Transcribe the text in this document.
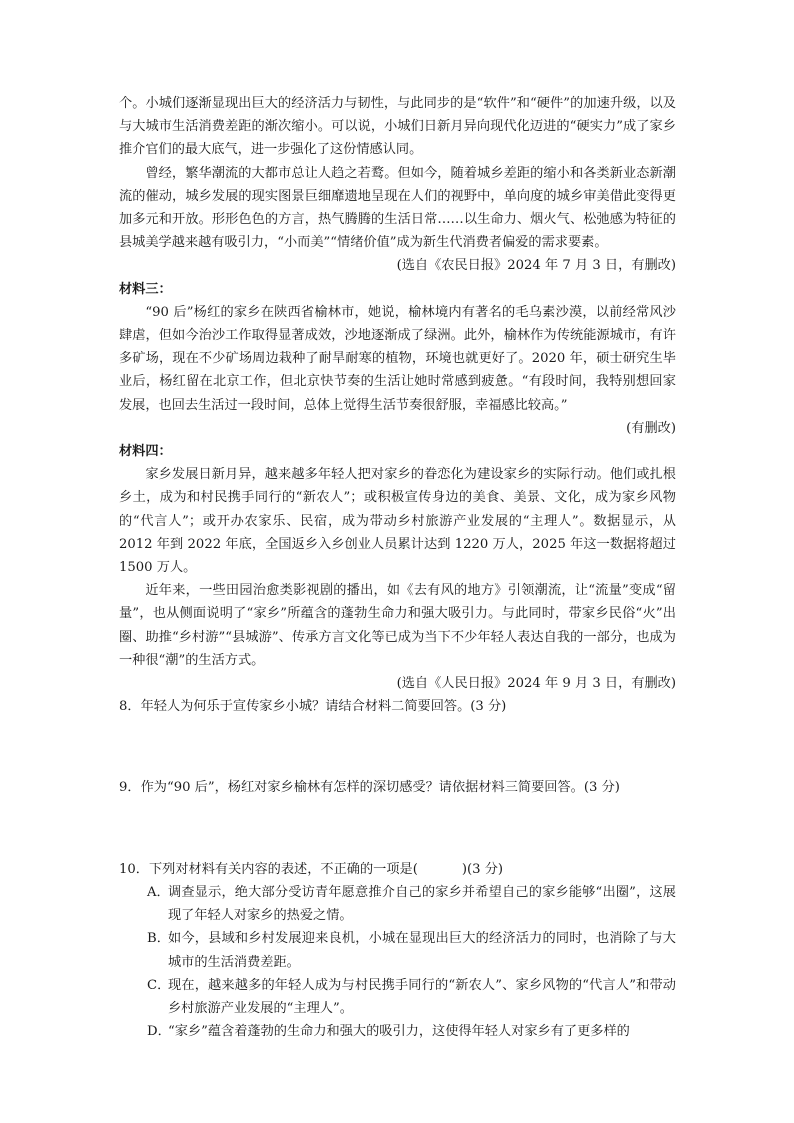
个。小城们逐渐显现出巨大的经济活力与韧性，与此同步的是“软件”和“硬件”的加速升级，以及与大城市生活消费差距的渐次缩小。可以说，小城们日新月异向现代化迈进的“硬实力”成了家乡推介官们的最大底气，进一步强化了这份情感认同。

曾经，繁华潮流的大都市总让人趋之若鹜。但如今，随着城乡差距的缩小和各类新业态新潮流的催动，城乡发展的现实图景巨细靡遗地呈现在人们的视野中，单向度的城乡审美借此变得更加多元和开放。形形色色的方言，热气腾腾的生活日常……以生命力、烟火气、松弛感为特征的县城美学越来越有吸引力，“小而美”“情绪价值”成为新生代消费者偏爱的需求要素。

(选自《农民日报》2024 年 7 月 3 日，有删改)

材料三：

“90 后”杨红的家乡在陕西省榆林市，她说，榆林境内有著名的毛乌素沙漠，以前经常风沙肆虐，但如今治沙工作取得显著成效，沙地逐渐成了绿洲。此外，榆林作为传统能源城市，有许多矿场，现在不少矿场周边栽种了耐旱耐寒的植物，环境也就更好了。2020 年，硕士研究生毕业后，杨红留在北京工作，但北京快节奏的生活让她时常感到疲惫。“有段时间，我特别想回家发展，也回去生活过一段时间，总体上觉得生活节奏很舒服，幸福感比较高。”

(有删改)

材料四：

家乡发展日新月异，越来越多年轻人把对家乡的眷恋化为建设家乡的实际行动。他们或扎根乡土，成为和村民携手同行的“新农人”；或积极宣传身边的美食、美景、文化，成为家乡风物的“代言人”；或开办农家乐、民宿，成为带动乡村旅游产业发展的“主理人”。数据显示，从 2012 年到 2022 年底，全国返乡入乡创业人员累计达到 1220 万人，2025 年这一数据将超过 1500 万人。

近年来，一些田园治愈类影视剧的播出，如《去有风的地方》引领潮流，让“流量”变成“留量”，也从侧面说明了“家乡”所蕴含的蓬勃生命力和强大吸引力。与此同时，带家乡民俗“火”出圈、助推“乡村游”“县城游”、传承方言文化等已成为当下不少年轻人表达自我的一部分，也成为一种很“潮”的生活方式。

(选自《人民日报》2024 年 9 月 3 日，有删改)

8．年轻人为何乐于宣传家乡小城？请结合材料二简要回答。(3 分)

9．作为“90 后”，杨红对家乡榆林有怎样的深切感受？请依据材料三简要回答。(3 分)

10．下列对材料有关内容的表述，不正确的一项是(	)(3 分)

A．
调查显示，绝大部分受访青年愿意推介自己的家乡并希望自己的家乡能够“出圈”，这展现了年轻人对家乡的热爱之情。
B．
如今，县域和乡村发展迎来良机，小城在显现出巨大的经济活力的同时，也消除了与大城市的生活消费差距。
C．
现在，越来越多的年轻人成为与村民携手同行的“新农人”、家乡风物的“代言人”和带动乡村旅游产业发展的“主理人”。
D．
“家乡”蕴含着蓬勃的生命力和强大的吸引力，这使得年轻人对家乡有了更多样的
